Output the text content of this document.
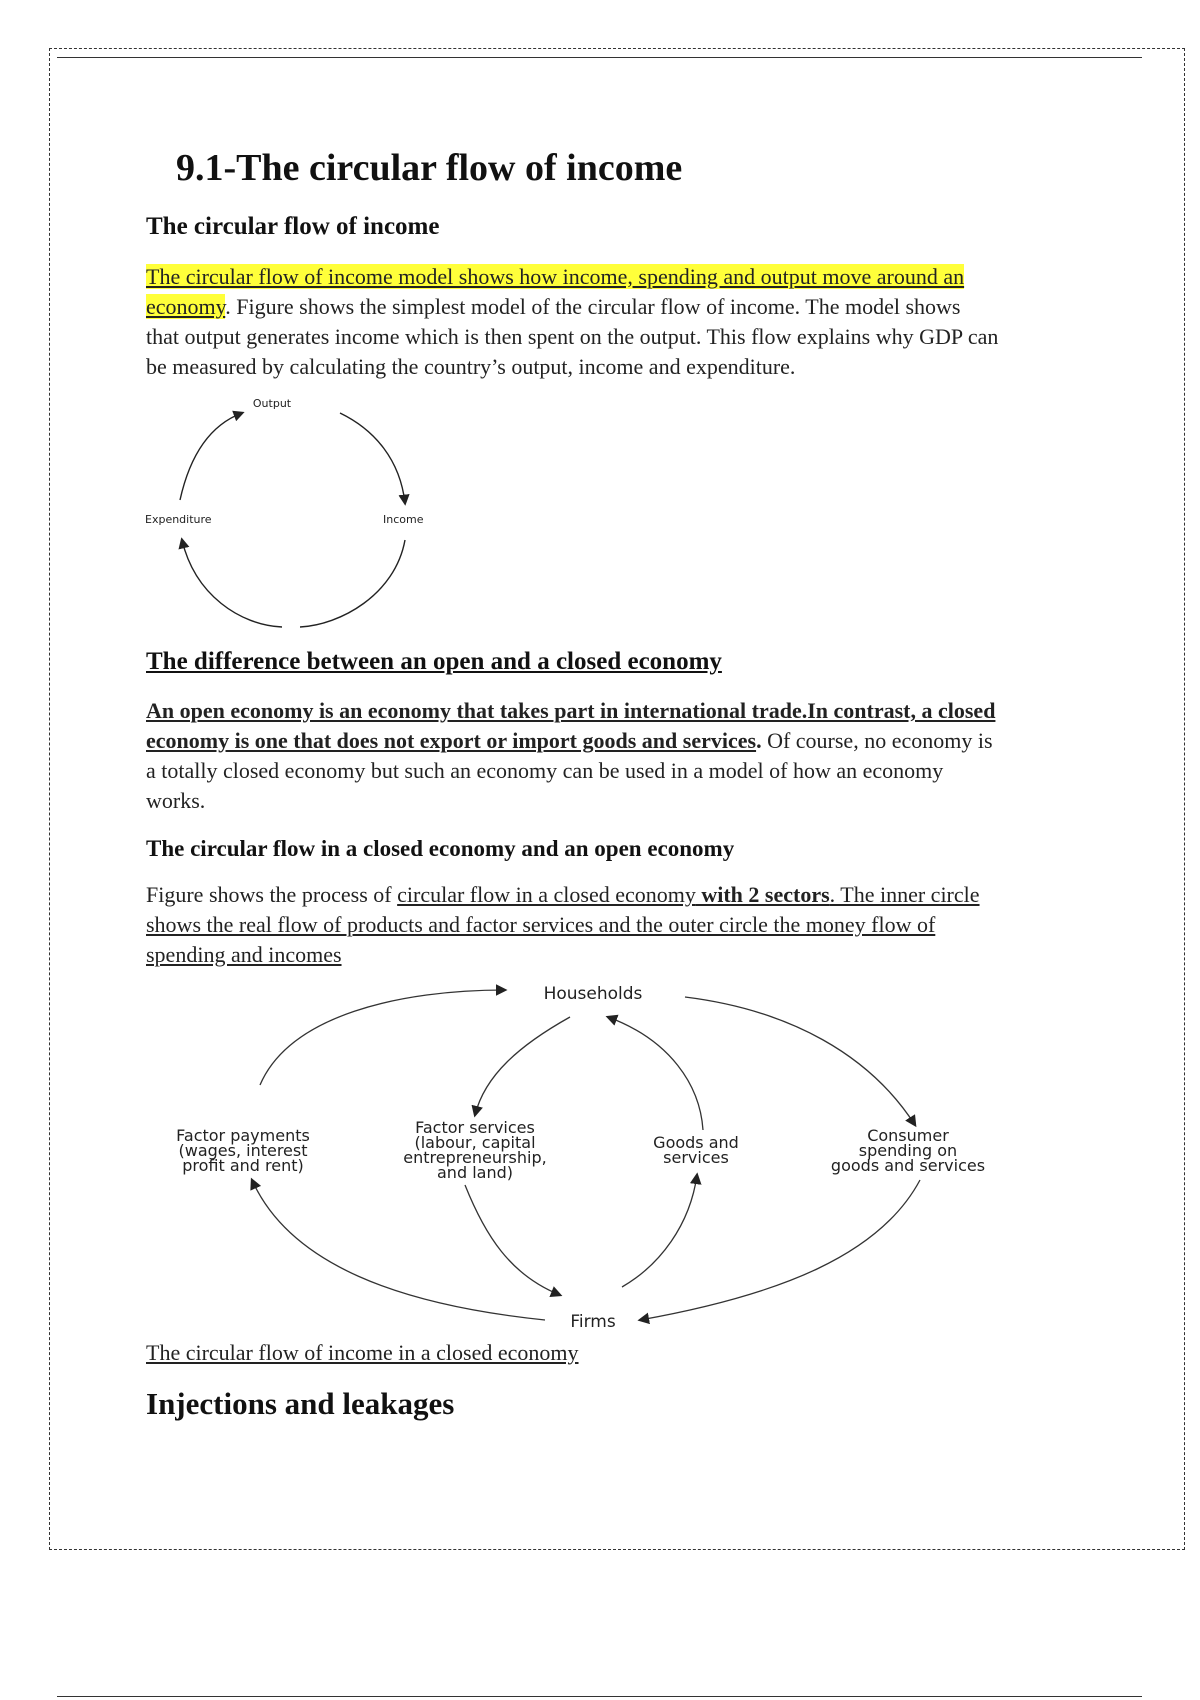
9.1-The circular flow of income
The circular flow of income

The circular flow of income model shows how income, spending and output move around an
economy. Figure shows the simplest model of the circular flow of income. The model shows
that output generates income which is then spent on the output. This flow explains why GDP can
be measured by calculating the country’s output, income and expenditure.

Output
Expenditure	Income
The difference between an open and a closed economy

An open economy is an economy that takes part in international trade.In contrast, a closed
economy is one that does not export or import goods and services. Of course, no economy is
a totally closed economy but such an economy can be used in a model of how an economy
works.

The circular flow in a closed economy and an open economy

Figure shows the process of circular flow in a closed economy with 2 sectors. The inner circle
shows the real flow of products and factor services and the outer circle the money flow of
spending and incomes

Households
Firms
Factor payments
(wages, interest
profit and rent)
Factor services
(labour, capital
entrepreneurship,
and land)
Goods and
services
Consumer
spending on
goods and services
The circular flow of income in a closed economy
Injections and leakages
